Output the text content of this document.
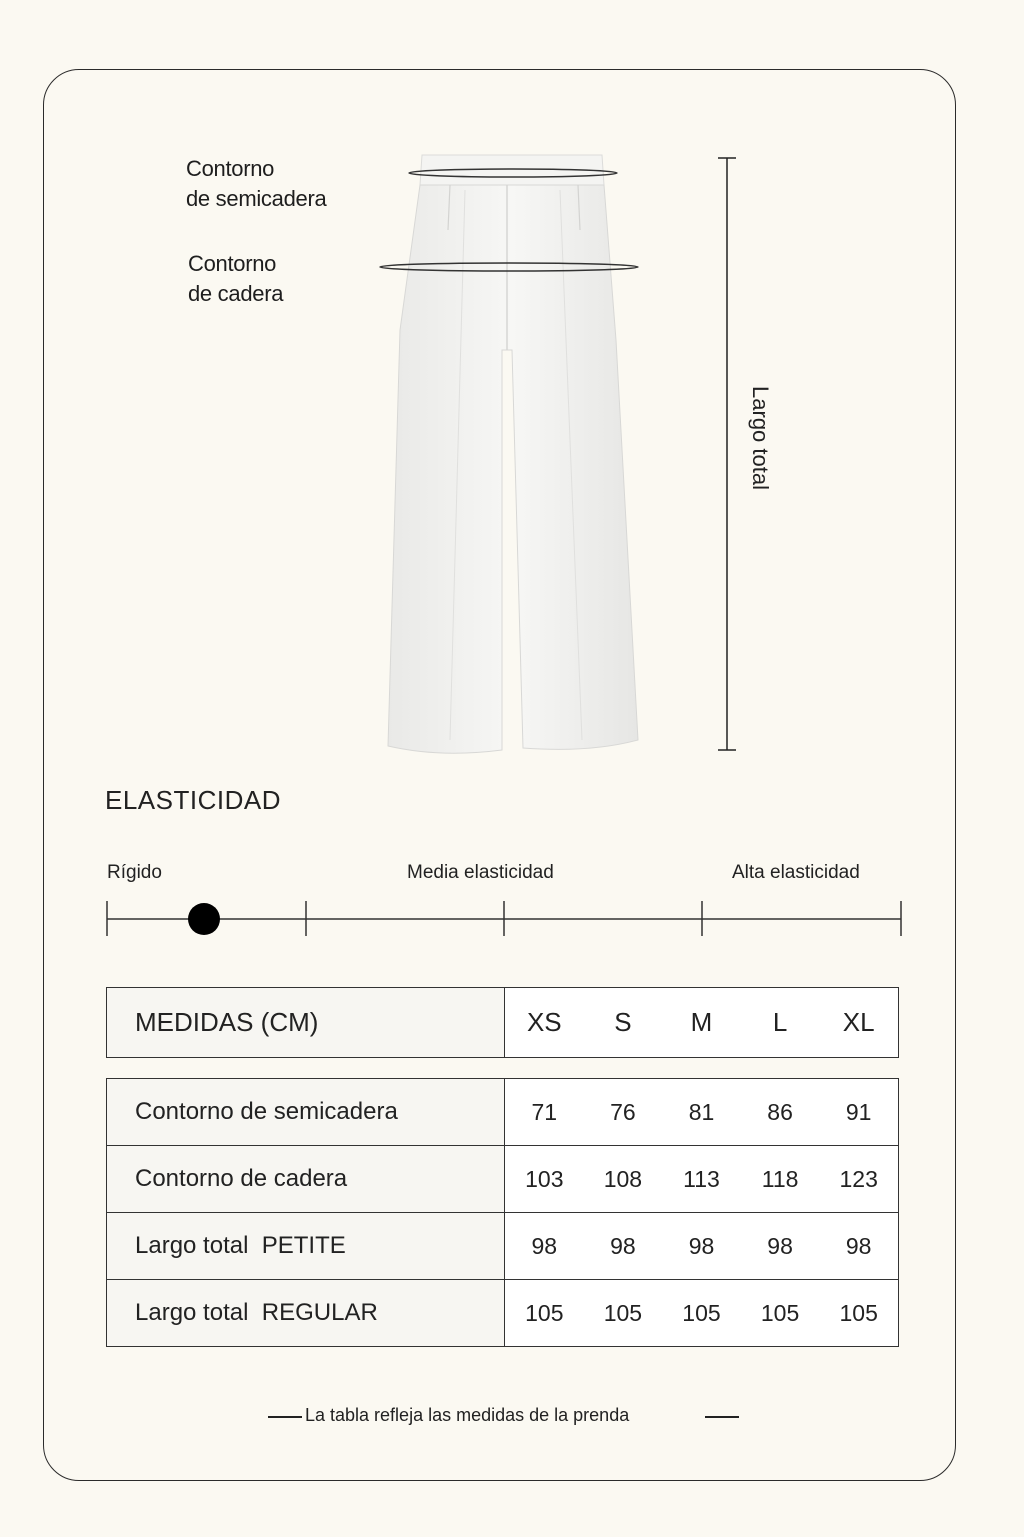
Contorno
de semicadera
Contorno
de cadera
Largo total
ELASTICIDAD
Rígido	Media elasticidad	Alta elasticidad
MEDIDAS (CM)	XS	S	M	L	XL
Contorno de semicadera	71 76 81 86 91

Contorno de cadera	103 108 113 118 123

Largo total  PETITE	98 98 98 98 98

Largo total  REGULAR	105 105 105 105 105
La tabla refleja las medidas de la prenda
